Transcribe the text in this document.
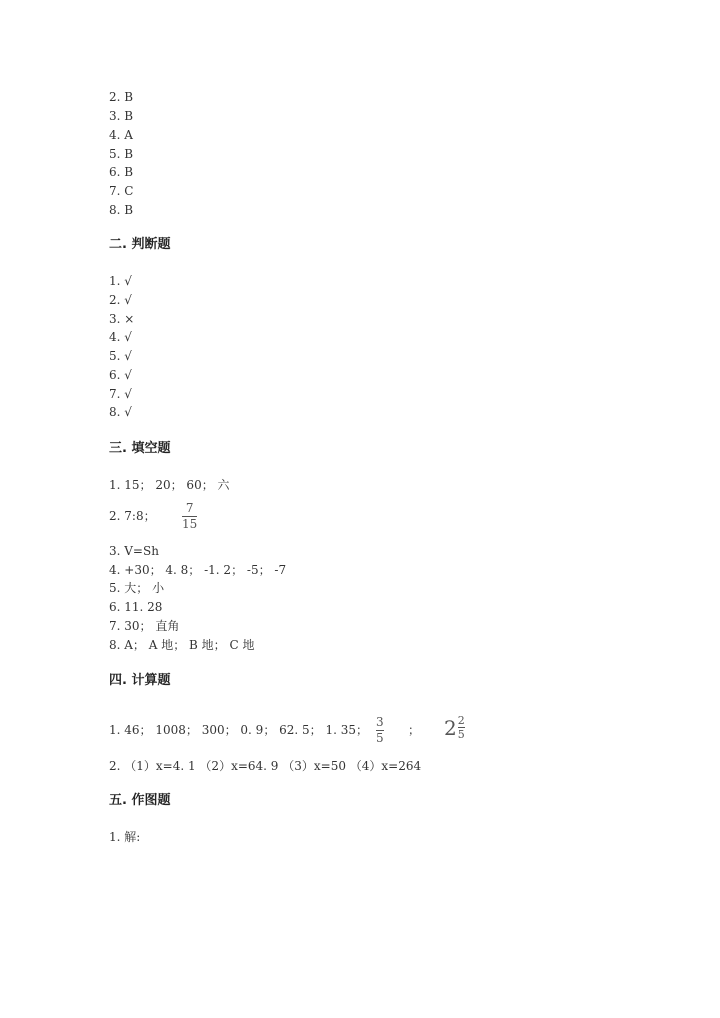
2. B
3. B
4. A
5. B
6. B
7. C
8. B
二. 判断题
1. √
2. √
3. ×
4. √
5. √
6. √
7. √
8. √
三. 填空题
1. 15； 20； 60； 六
2. 7:8；
7
15
3. V=Sh
4. +30； 4. 8； -1. 2； -5； -7
5. 大； 小
6. 11. 28
7. 30； 直角
8. A； A 地； B 地； C 地
四. 计算题
1. 46； 1008； 300； 0. 9； 62. 5； 1. 35；
3
5
； 2 2
5
2. （1）x=4. 1 （2）x=64. 9 （3）x=50 （4）x=264
五. 作图题
1. 解:
